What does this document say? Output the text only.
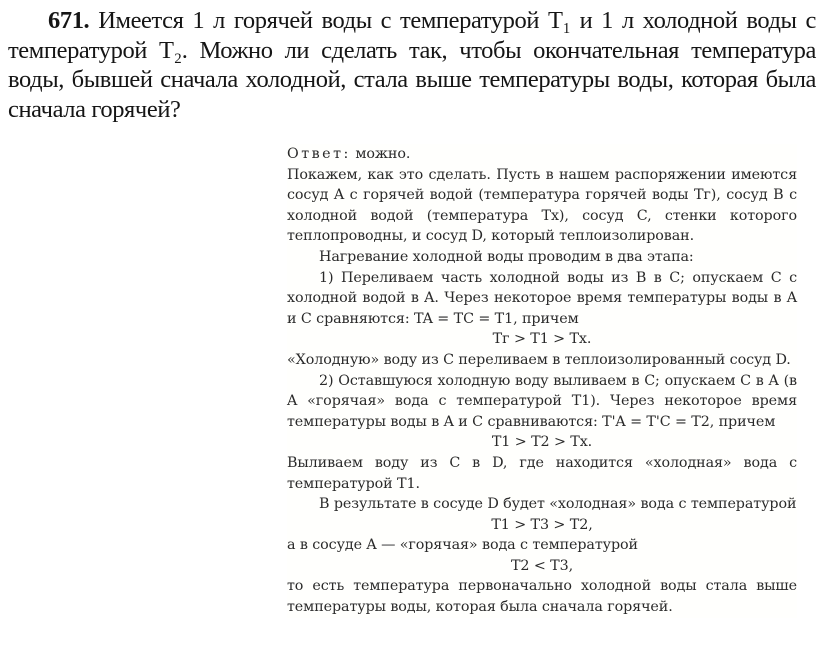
671. Имеется 1 л горячей воды с температурой T₁ и 1 л холодной воды с температурой T₂. Можно ли сделать так, чтобы окончательная температура воды, бывшей сначала холодной, стала выше температуры воды, которая была сначала горячей?

Ответ: можно.

Покажем, как это сделать. Пусть в нашем распоряжении имеются сосуд A с горячей водой (температура горячей воды Tг), сосуд B с холодной водой (температура Tх), сосуд C, стенки которого теплопроводны, и сосуд D, который теплоизолирован.

Нагревание холодной воды проводим в два этапа:

1) Переливаем часть холодной воды из B в C; опускаем C с холодной водой в A. Через некоторое время температуры воды в A и C сравняются: TA = TC = T1, причем

Tг > T1 > Tх.

«Холодную» воду из C переливаем в теплоизолированный сосуд D.

2) Оставшуюся холодную воду выливаем в C; опускаем C в A (в A «горячая» вода с температурой T1). Через некоторое время температуры воды в A и C сравниваются: T'A = T'C = T2, причем

T1 > T2 > Tх.

Выливаем воду из C в D, где находится «холодная» вода с температурой T1.

В результате в сосуде D будет «холодная» вода с температурой

T1 > T3 > T2,

а в сосуде A — «горячая» вода с температурой

T2 < T3,

то есть температура первоначально холодной воды стала выше температуры воды, которая была сначала горячей.
